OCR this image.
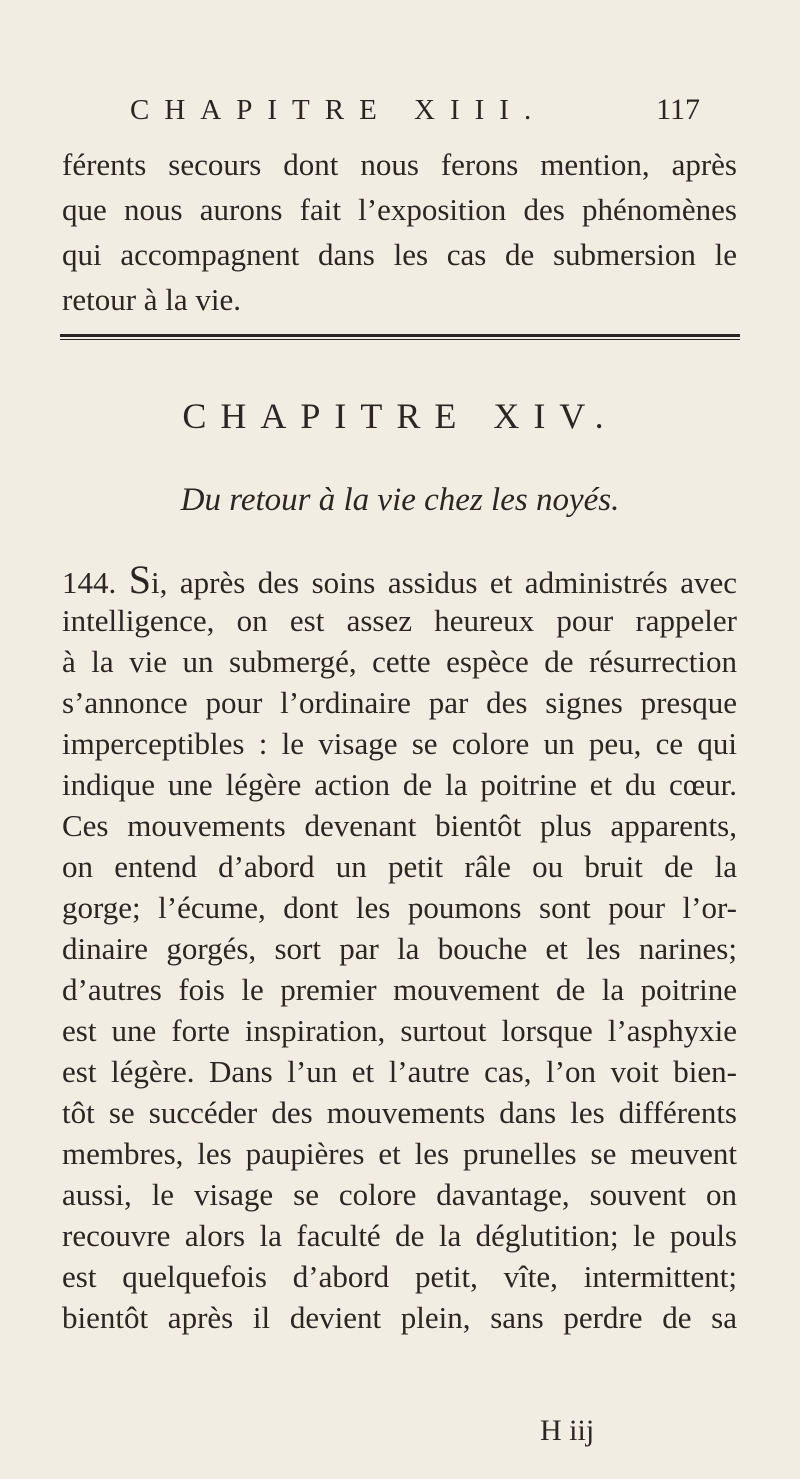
CHAPITRE XIII.	117
férents secours dont nous ferons mention, après
que nous aurons fait l’exposition des phénomènes
qui accompagnent dans les cas de submersion le
retour à la vie.
CHAPITRE XIV.
Du retour à la vie chez les noyés.
144. Si, après des soins assidus et administrés avec
intelligence, on est assez heureux pour rappeler
à la vie un submergé, cette espèce de résurrection
s’annonce pour l’ordinaire par des signes presque
imperceptibles : le visage se colore un peu, ce qui
indique une légère action de la poitrine et du cœur.
Ces mouvements devenant bientôt plus apparents,
on entend d’abord un petit râle ou bruit de la
gorge; l’écume, dont les poumons sont pour l’or-
dinaire gorgés, sort par la bouche et les narines;
d’autres fois le premier mouvement de la poitrine
est une forte inspiration, surtout lorsque l’asphyxie
est légère. Dans l’un et l’autre cas, l’on voit bien-
tôt se succéder des mouvements dans les différents
membres, les paupières et les prunelles se meuvent
aussi, le visage se colore davantage, souvent on
recouvre alors la faculté de la déglutition; le pouls
est quelquefois d’abord petit, vîte, intermittent;
bientôt après il devient plein, sans perdre de sa
H iij
